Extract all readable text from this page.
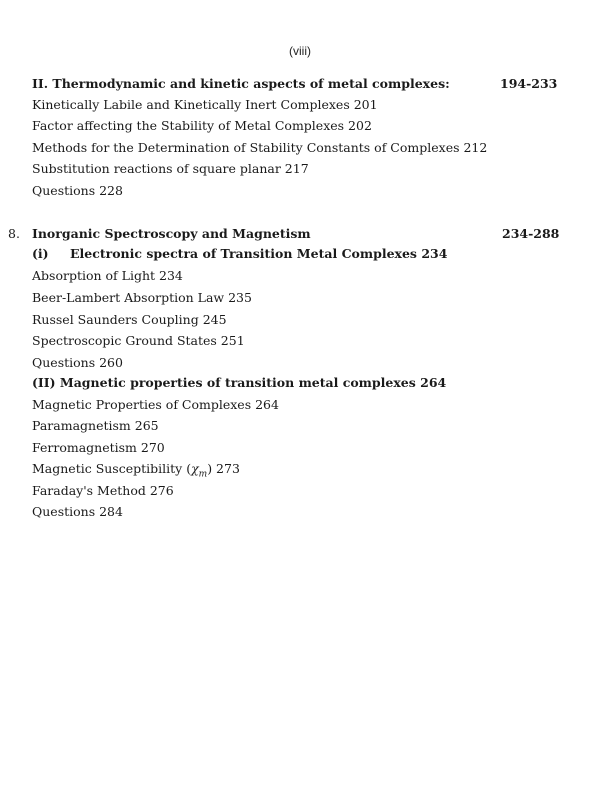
(viii)
II. Thermodynamic and kinetic aspects of metal complexes:	194-233
Kinetically Labile and Kinetically Inert Complexes 201
Factor affecting the Stability of Metal Complexes 202
Methods for the Determination of Stability Constants of Complexes 212
Substitution reactions of square planar 217
Questions 228
8. Inorganic Spectroscopy and Magnetism	234-288
(i) Electronic spectra of Transition Metal Complexes 234
Absorption of Light 234
Beer-Lambert Absorption Law 235
Russel Saunders Coupling 245
Spectroscopic Ground States 251
Questions 260
(II) Magnetic properties of transition metal complexes 264
Magnetic Properties of Complexes 264
Paramagnetism 265
Ferromagnetism 270
Magnetic Susceptibility $(\chi_m)$ 273
Faraday's Method 276
Questions 284
